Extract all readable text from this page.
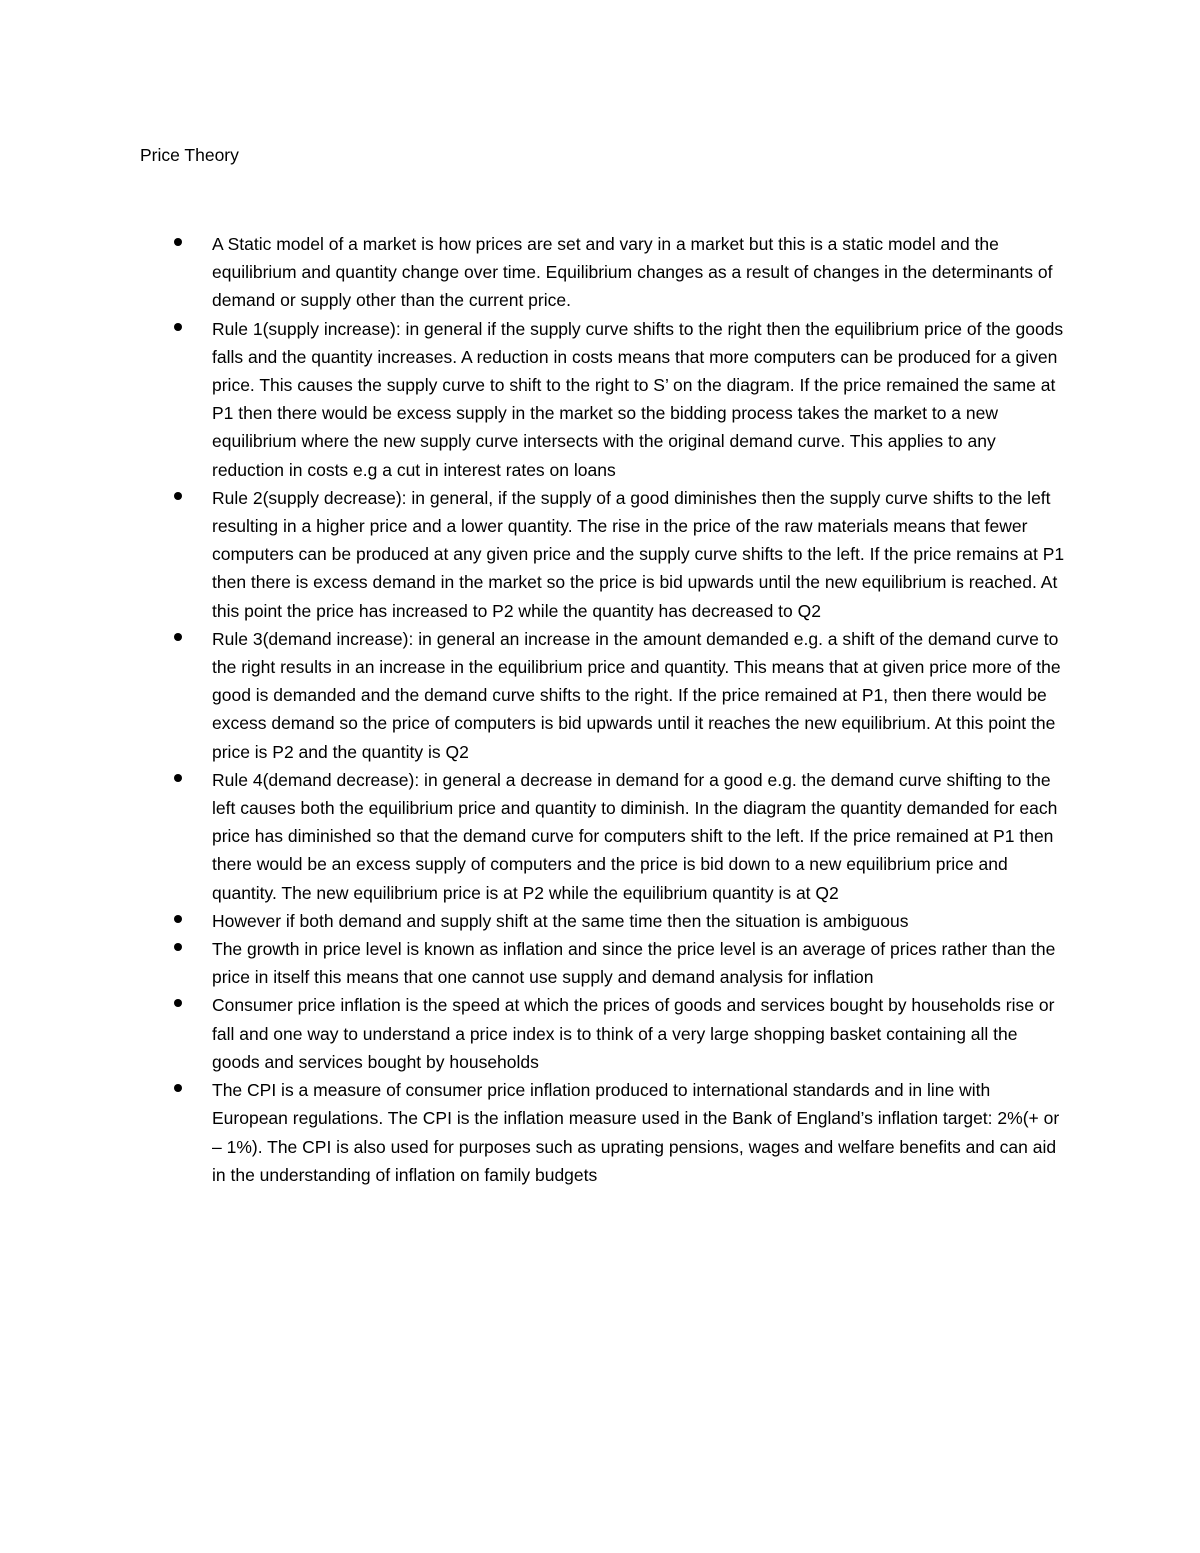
Price Theory
A Static model of a market is how prices are set and vary in a market but this is a static model and the equilibrium and quantity change over time. Equilibrium changes as a result of changes in the determinants of demand or supply other than the current price.
Rule 1(supply increase): in general if the supply curve shifts to the right then the equilibrium price of the goods falls and the quantity increases. A reduction in costs means that more computers can be produced for a given price. This causes the supply curve to shift to the right to S’ on the diagram. If the price remained the same at P1 then there would be excess supply in the market so the bidding process takes the market to a new equilibrium where the new supply curve intersects with the original demand curve. This applies to any reduction in costs e.g a cut in interest rates on loans
Rule 2(supply decrease): in general, if the supply of a good diminishes then the supply curve shifts to the left resulting in a higher price and a lower quantity. The rise in the price of the raw materials means that fewer computers can be produced at any given price and the supply curve shifts to the left. If the price remains at P1 then there is excess demand in the market so the price is bid upwards until the new equilibrium is reached. At this point the price has increased to P2 while the quantity has decreased to Q2
Rule 3(demand increase): in general an increase in the amount demanded e.g. a shift of the demand curve to the right results in an increase in the equilibrium price and quantity. This means that at given price more of the good is demanded and the demand curve shifts to the right. If the price remained at P1, then there would be excess demand so the price of computers is bid upwards until it reaches the new equilibrium. At this point the price is P2 and the quantity is Q2
Rule 4(demand decrease): in general a decrease in demand for a good e.g. the demand curve shifting to the left causes both the equilibrium price and quantity to diminish. In the diagram the quantity demanded for each price has diminished so that the demand curve for computers shift to the left. If the price remained at P1 then there would be an excess supply of computers and the price is bid down to a new equilibrium price and quantity. The new equilibrium price is at P2 while the equilibrium quantity is at Q2
However if both demand and supply shift at the same time then the situation is ambiguous
The growth in price level is known as inflation and since the price level is an average of prices rather than the price in itself this means that one cannot use supply and demand analysis for inflation
Consumer price inflation is the speed at which the prices of goods and services bought by households rise or fall and one way to understand a price index is to think of a very large shopping basket containing all the goods and services bought by households
The CPI is a measure of consumer price inflation produced to international standards and in line with European regulations. The CPI is the inflation measure used in the Bank of England’s inflation target: 2%(+ or – 1%). The CPI is also used for purposes such as uprating pensions, wages and welfare benefits and can aid in the understanding of inflation on family budgets
